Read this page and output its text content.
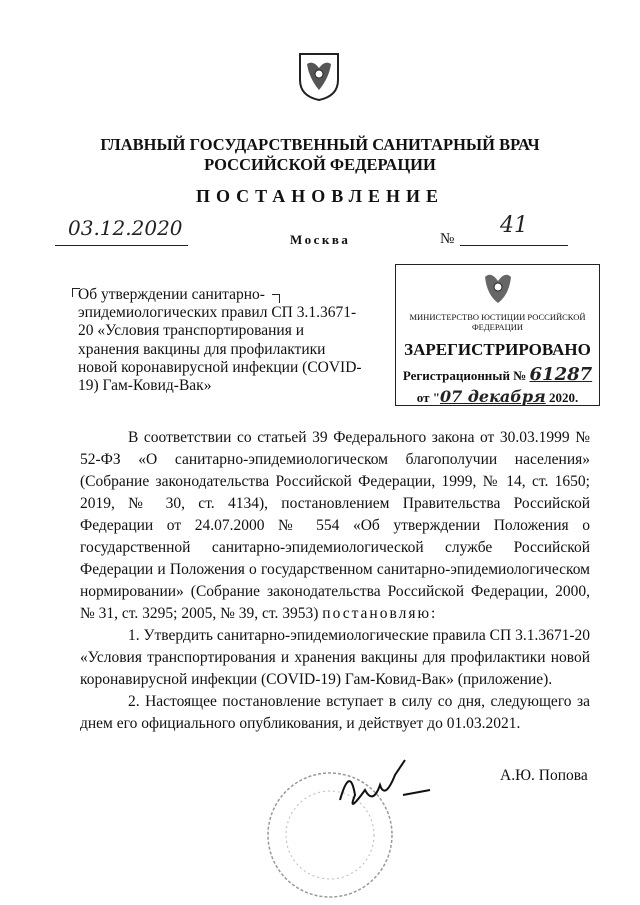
ГЛАВНЫЙ ГОСУДАРСТВЕННЫЙ САНИТАРНЫЙ ВРАЧ
РОССИЙСКОЙ ФЕДЕРАЦИИ
ПОСТАНОВЛЕНИЕ
03.12.2020	Москва	№
41
Об утверждении санитарно-эпидемиологических правил СП 3.1.3671-20 «Условия транспортирования и хранения вакцины для профилактики новой коронавирусной инфекции (COVID-19) Гам-Ковид-Вак»
МИНИСТЕРСТВО ЮСТИЦИИ РОССИЙСКОЙ ФЕДЕРАЦИИ
ЗАРЕГИСТРИРОВАНО
Регистрационный № 61287
от "07 декабря 2020.

В соответствии со статьей 39 Федерального закона от 30.03.1999 № 52-ФЗ «О санитарно-эпидемиологическом благополучии населения» (Собрание законодательства Российской Федерации, 1999, № 14, ст. 1650; 2019, № 30, ст. 4134), постановлением Правительства Российской Федерации от 24.07.2000 № 554 «Об утверждении Положения о государственной санитарно-эпидемиологической службе Российской Федерации и Положения о государственном санитарно-эпидемиологическом нормировании» (Собрание законодательства Российской Федерации, 2000, № 31, ст. 3295; 2005, № 39, ст. 3953) постановляю:

1. Утвердить санитарно-эпидемиологические правила СП 3.1.3671-20 «Условия транспортирования и хранения вакцины для профилактики новой коронавирусной инфекции (COVID-19) Гам-Ковид-Вак» (приложение).

2. Настоящее постановление вступает в силу со дня, следующего за днем его официального опубликования, и действует до 01.03.2021.

А.Ю. Попова
